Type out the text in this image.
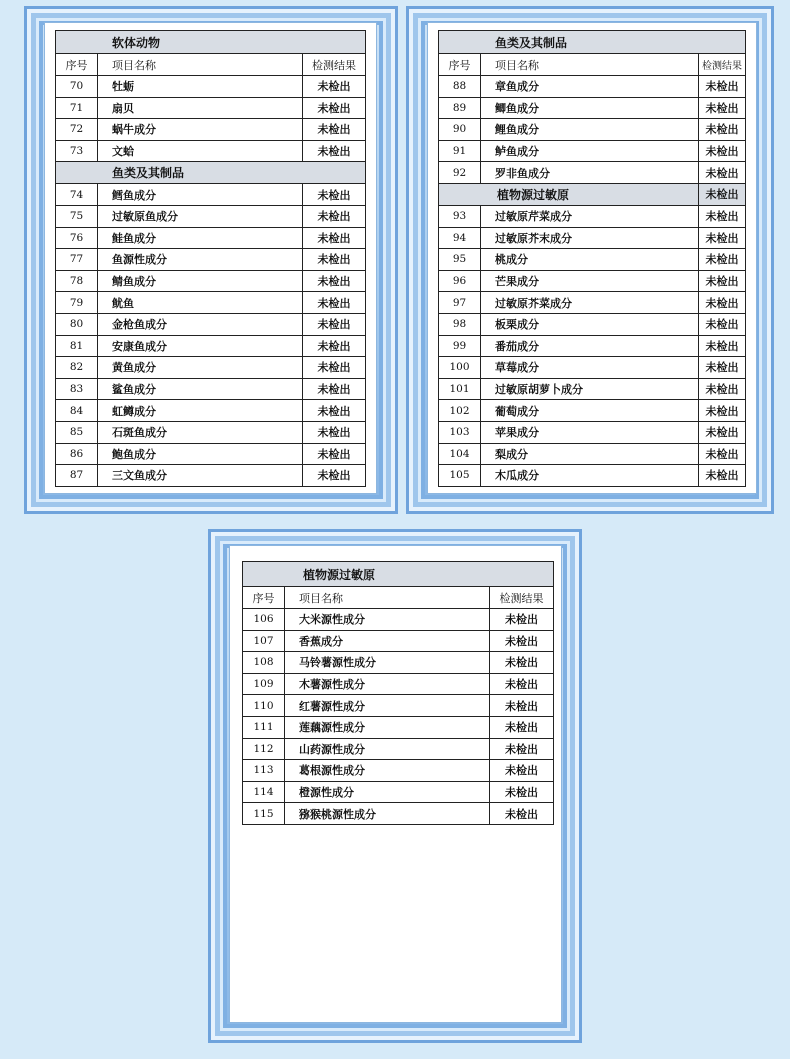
软体动物		
序号	项目名称	检测结果
70	牡蛎	未检出
71	扇贝	未检出
72	蜗牛成分	未检出
73	文蛤	未检出
鱼类及其制品		
74	鳕鱼成分	未检出
75	过敏原鱼成分	未检出
76	鲑鱼成分	未检出
77	鱼源性成分	未检出
78	鲭鱼成分	未检出
79	鱿鱼	未检出
80	金枪鱼成分	未检出
81	安康鱼成分	未检出
82	黄鱼成分	未检出
83	鲨鱼成分	未检出
84	虹鳟成分	未检出
85	石斑鱼成分	未检出
86	鲍鱼成分	未检出
87	三文鱼成分	未检出
鱼类及其制品		
序号	项目名称	检测结果
88	章鱼成分	未检出
89	鲫鱼成分	未检出
90	鲤鱼成分	未检出
91	鲈鱼成分	未检出
92	罗非鱼成分	未检出
植物源过敏原		未检出
93	过敏原芹菜成分	未检出
94	过敏原芥末成分	未检出
95	桃成分	未检出
96	芒果成分	未检出
97	过敏原芥菜成分	未检出
98	板栗成分	未检出
99	番茄成分	未检出
100	草莓成分	未检出
101	过敏原胡萝卜成分	未检出
102	葡萄成分	未检出
103	苹果成分	未检出
104	梨成分	未检出
105	木瓜成分	未检出
植物源过敏原		
序号	项目名称	检测结果
106	大米源性成分	未检出
107	香蕉成分	未检出
108	马铃薯源性成分	未检出
109	木薯源性成分	未检出
110	红薯源性成分	未检出
111	莲藕源性成分	未检出
112	山药源性成分	未检出
113	葛根源性成分	未检出
114	橙源性成分	未检出
115	猕猴桃源性成分	未检出
